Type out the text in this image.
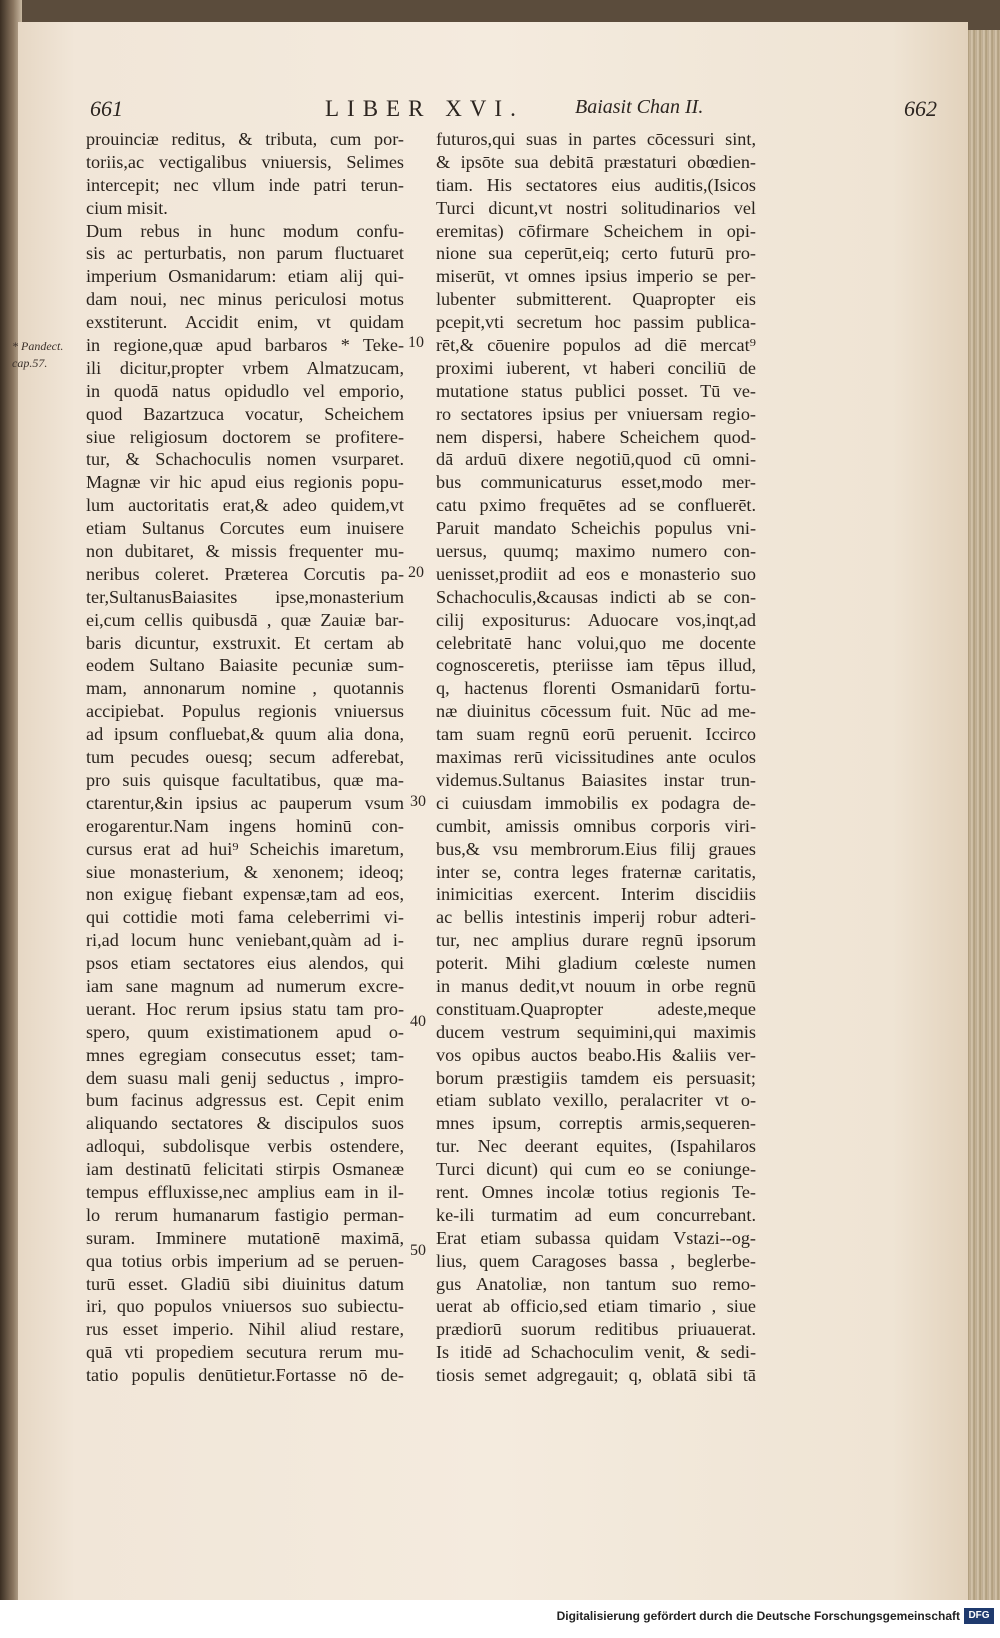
661	LIBER XVI.	Baiasit Chan II.	662
* Pandect.
cap.57.
10
20
30
40
50
prouinciæ reditus, & tributa, cum por-
toriis,ac vectigalibus vniuersis, Selimes
intercepit; nec vllum inde patri terun-
cium misit.
Dum rebus in hunc modum confu-
sis ac perturbatis, non parum fluctuaret
imperium Osmanidarum: etiam alij qui-
dam noui, nec minus periculosi motus
exstiterunt. Accidit enim, vt quidam
in regione,quæ apud barbaros * Teke-
ili dicitur,propter vrbem Almatzucam,
in quodā natus opidudlo vel emporio,
quod Bazartzuca vocatur, Scheichem
siue religiosum doctorem se profitere-
tur, & Schachoculis nomen vsurparet.
Magnæ vir hic apud eius regionis popu-
lum auctoritatis erat,& adeo quidem,vt
etiam Sultanus Corcutes eum inuisere
non dubitaret, & missis frequenter mu-
neribus coleret. Præterea Corcutis pa-
ter,SultanusBaiasites ipse,monasterium
ei,cum cellis quibusdā , quæ Zauiæ bar-
baris dicuntur, exstruxit. Et certam ab
eodem Sultano Baiasite pecuniæ sum-
mam, annonarum nomine , quotannis
accipiebat. Populus regionis vniuersus
ad ipsum confluebat,& quum alia dona,
tum pecudes ouesq; secum adferebat,
pro suis quisque facultatibus, quæ ma-
ctarentur,&in ipsius ac pauperum vsum
erogarentur.Nam ingens hominū con-
cursus erat ad hui⁹ Scheichis imaretum,
siue monasterium, & xenonem; ideoq;
non exiguę fiebant expensæ,tam ad eos,
qui cottidie moti fama celeberrimi vi-
ri,ad locum hunc veniebant,quàm ad i-
psos etiam sectatores eius alendos, qui
iam sane magnum ad numerum excre-
uerant. Hoc rerum ipsius statu tam pro-
spero, quum existimationem apud o-
mnes egregiam consecutus esset; tam-
dem suasu mali genij seductus , impro-
bum facinus adgressus est. Cepit enim
aliquando sectatores & discipulos suos
adloqui, subdolisque verbis ostendere,
iam destinatū felicitati stirpis Osmaneæ
tempus effluxisse,nec amplius eam in il-
lo rerum humanarum fastigio perman-
suram. Imminere mutationē maximā,
qua totius orbis imperium ad se peruen-
turū esset. Gladiū sibi diuinitus datum
iri, quo populos vniuersos suo subiectu-
rus esset imperio. Nihil aliud restare,
quā vti propediem secutura rerum mu-
tatio populis denūtietur.Fortasse nō de-
futuros,qui suas in partes cōcessuri sint,
& ipsōte sua debitā præstaturi obœdien-
tiam. His sectatores eius auditis,(Isicos
Turci dicunt,vt nostri solitudinarios vel
eremitas) cōfirmare Scheichem in opi-
nione sua ceperūt,eiq; certo futurū pro-
miserūt, vt omnes ipsius imperio se per-
lubenter submitterent. Quapropter eis
pcepit,vti secretum hoc passim publica-
rēt,& cōuenire populos ad diē mercat⁹
proximi iuberent, vt haberi conciliū de
mutatione status publici posset. Tū ve-
ro sectatores ipsius per vniuersam regio-
nem dispersi, habere Scheichem quod-
dā arduū dixere negotiū,quod cū omni-
bus communicaturus esset,modo mer-
catu pximo frequētes ad se confluerēt.
Paruit mandato Scheichis populus vni-
uersus, quumq; maximo numero con-
uenisset,prodiit ad eos e monasterio suo
Schachoculis,&causas indicti ab se con-
cilij expositurus: Aduocare vos,inqt,ad
celebritatē hanc volui,quo me docente
cognosceretis, pteriisse iam tēpus illud,
q, hactenus florenti Osmanidarū fortu-
næ diuinitus cōcessum fuit. Nūc ad me-
tam suam regnū eorū peruenit. Iccirco
maximas rerū vicissitudines ante oculos
videmus.Sultanus Baiasites instar trun-
ci cuiusdam immobilis ex podagra de-
cumbit, amissis omnibus corporis viri-
bus,& vsu membrorum.Eius filij graues
inter se, contra leges fraternæ caritatis,
inimicitias exercent. Interim discidiis
ac bellis intestinis imperij robur adteri-
tur, nec amplius durare regnū ipsorum
poterit. Mihi gladium cœleste numen
in manus dedit,vt nouum in orbe regnū
constituam.Quapropter adeste,meque
ducem vestrum sequimini,qui maximis
vos opibus auctos beabo.His &aliis ver-
borum præstigiis tamdem eis persuasit;
etiam sublato vexillo, peralacriter vt o-
mnes ipsum, correptis armis,sequeren-
tur. Nec deerant equites, (Ispahilaros
Turci dicunt) qui cum eo se coniunge-
rent. Omnes incolæ totius regionis Te-
ke-ili turmatim ad eum concurrebant.
Erat etiam subassa quidam Vstazi--og-
lius, quem Caragoses bassa , beglerbe-
gus Anatoliæ, non tantum suo remo-
uerat ab officio,sed etiam timario , siue
prædiorū suorum reditibus priuauerat.
Is itidē ad Schachoculim venit, & sedi-
tiosis semet adgregauit; q, oblatā sibi tā
Digitalisierung gefördert durch die Deutsche Forschungsgemeinschaft DFG
